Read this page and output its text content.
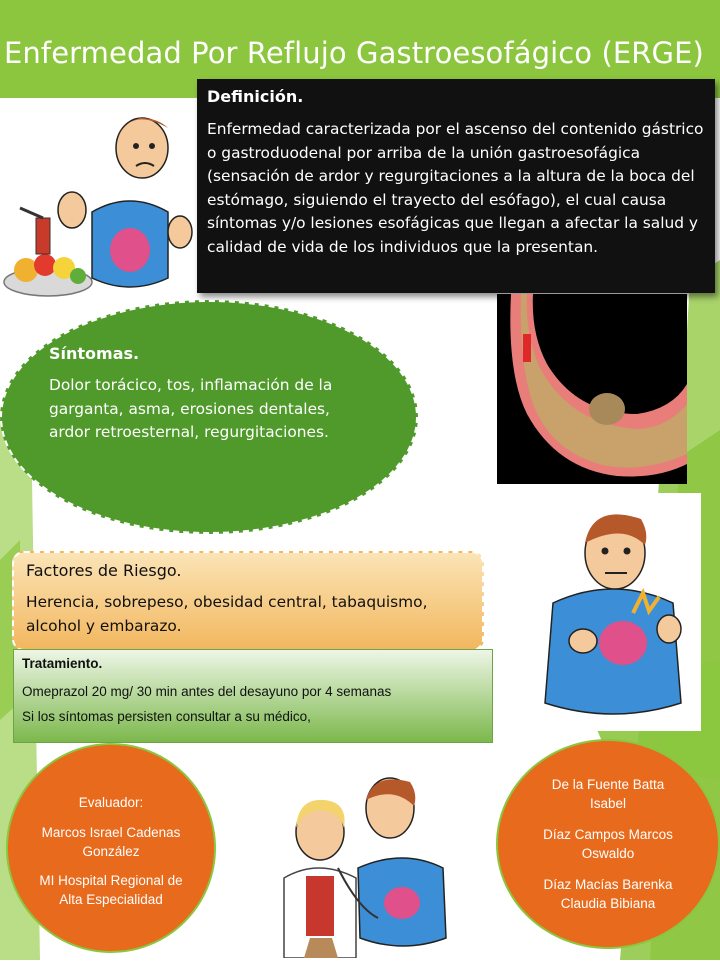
Enfermedad Por Reflujo Gastroesofágico (ERGE)
Definición.

Enfermedad caracterizada por el ascenso del contenido gástrico o gastroduodenal por arriba de la unión gastroesofágica (sensación de ardor y regurgitaciones a la altura de la boca del estómago, siguiendo el trayecto del esófago), el cual causa síntomas y/o lesiones esofágicas que llegan a afectar la salud y calidad de vida de los individuos que la presentan.

Síntomas.

Dolor torácico, tos, inflamación de la garganta, asma, erosiones dentales, ardor retroesternal, regurgitaciones.

Factores de Riesgo.

Herencia, sobrepeso, obesidad central, tabaquismo, alcohol y embarazo.

Tratamiento.

Omeprazol 20 mg/ 30 min antes del desayuno por 4 semanas

Si los síntomas persisten consultar a su médico,

Evaluador:

Marcos Israel Cadenas González

MI Hospital Regional de Alta Especialidad

De la Fuente Batta Isabel

Díaz Campos Marcos Oswaldo

Díaz Macías Barenka Claudia Bibiana
